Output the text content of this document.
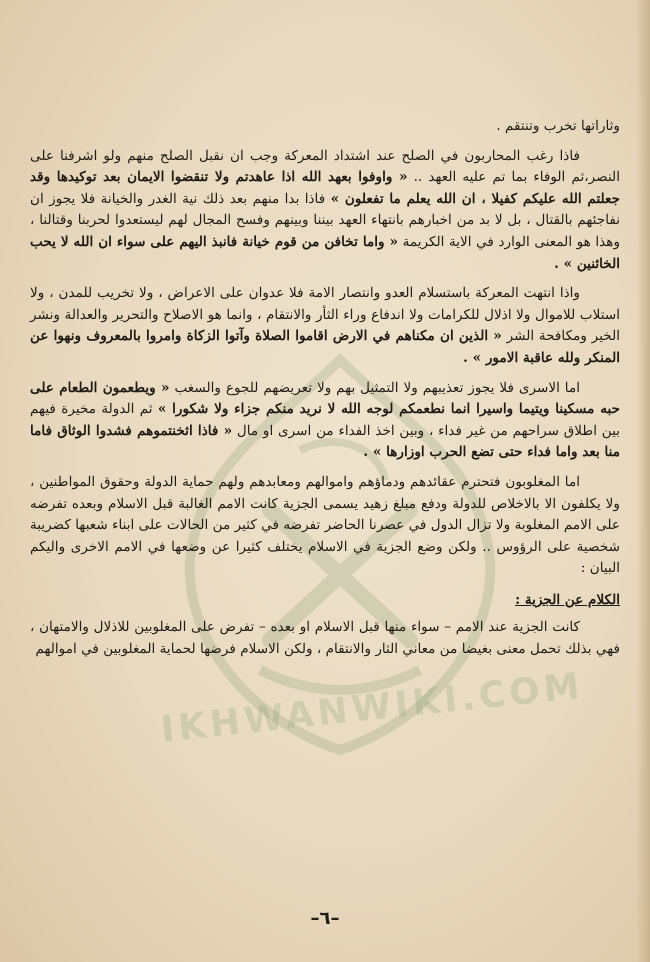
IKHWANWIKI.COM

وثاراتها تخرب وتنتقم .

فاذا رغب المحاربون في الصلح عند اشتداد المعركة وجب ان نقبل الصلح منهم ولو اشرفنا على النصر،ثم الوفاء بما تم عليه العهد .. « واوفوا بعهد الله اذا عاهدتم ولا تنقضوا الايمان بعد توكيدها وقد جعلتم الله عليكم كفيلا ، ان الله يعلم ما تفعلون » فاذا بدا منهم بعد ذلك نية الغدر والخيانة فلا يجوز ان نفاجئهم بالقتال ، بل لا بد من اخبارهم بانتهاء العهد بيننا وبينهم وفسح المجال لهم ليستعدوا لحربنا وقتالنا ، وهذا هو المعنى الوارد في الاية الكريمة « واما تخافن من قوم خيانة فانبذ اليهم على سواء ان الله لا يحب الخائنين » .

واذا انتهت المعركة باستسلام العدو وانتصار الامة فلا عدوان على الاعراض ، ولا تخريب للمدن ، ولا استلاب للاموال ولا اذلال للكرامات ولا اندفاع وراء الثأر والانتقام ، وانما هو الاصلاح والتحرير والعدالة ونشر الخير ومكافحة الشر « الذين ان مكناهم في الارض اقاموا الصلاة وآتوا الزكاة وامروا بالمعروف ونهوا عن المنكر ولله عاقبة الامور » .

اما الاسرى فلا يجوز تعذيبهم ولا التمثيل بهم ولا تعريضهم للجوع والسغب « ويطعمون الطعام على حبه مسكينا ويتيما واسيرا انما نطعمكم لوجه الله لا نريد منكم جزاء ولا شكورا » ثم الدولة مخيرة فيهم بين اطلاق سراحهم من غير فداء ، وبين اخذ الفداء من اسرى او مال « فاذا اثخنتموهم فشدوا الوثاق فاما منا بعد واما فداء حتى تضع الحرب اوزارها » .

اما المغلوبون فتحترم عقائدهم ودماؤهم واموالهم ومعابدهم ولهم حماية الدولة وحقوق المواطنين ، ولا يكلفون الا بالاخلاص للدولة ودفع مبلغ زهيد يسمى الجزية كانت الامم الغالبة قبل الاسلام وبعده تفرضه على الامم المغلوبة ولا تزال الدول في عصرنا الحاضر تفرضه في كثير من الحالات على ابناء شعبها كضريبة شخصية على الرؤوس .. ولكن وضع الجزية في الاسلام يختلف كثيرا عن وضعها في الامم الاخرى واليكم البيان :

الكلام عن الجزية :

كانت الجزية عند الامم – سواء منها قبل الاسلام او بعده – تفرض على المغلوبين للاذلال والامتهان ، فهي بذلك تحمل معنى بغيضا من معاني الثار والانتقام ، ولكن الاسلام فرضها لحماية المغلوبين في اموالهم

–٦–
